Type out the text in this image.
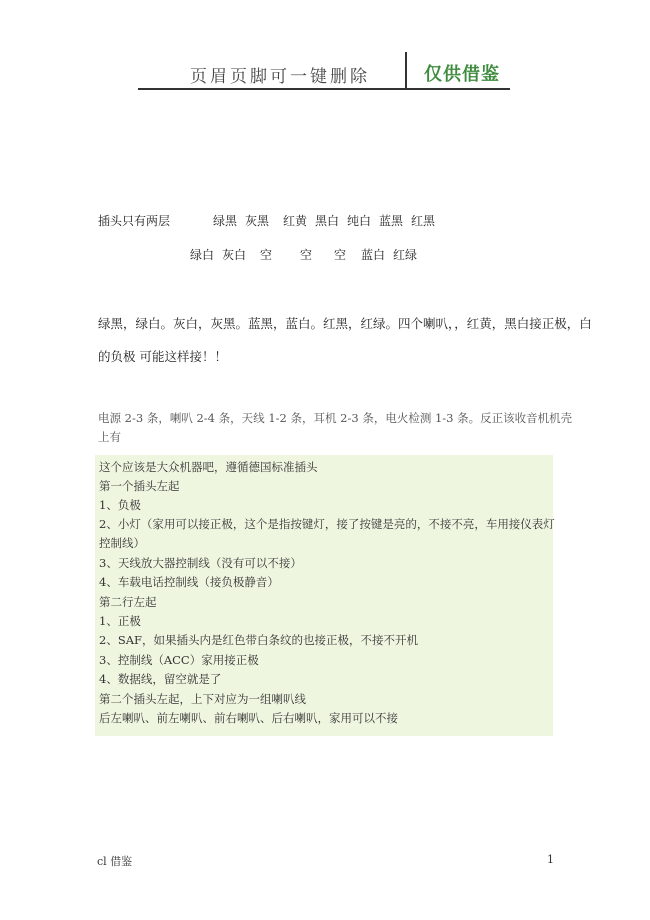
页眉页脚可一键删除	仅供借鉴
插头只有两层	绿黑 灰黑 红黄 黑白 纯白 蓝黑 红黑
绿白 灰白 空 空 空 蓝白 红绿
绿黑，绿白。灰白，灰黑。蓝黑，蓝白。红黑，红绿。四个喇叭，，红黄，黑白接正极，白
的负极 可能这样接！！
电源 2-3 条，喇叭 2-4 条，天线 1-2 条，耳机 2-3 条，电火检测 1-3 条。反正该收音机机壳
上有
这个应该是大众机器吧，遵循德国标准插头
第一个插头左起
1、负极
2、小灯（家用可以接正极，这个是指按键灯，接了按键是亮的，不接不亮，车用接仪表灯
控制线）
3、天线放大器控制线（没有可以不接）
4、车载电话控制线（接负极静音）
第二行左起
1、正极
2、SAF，如果插头内是红色带白条纹的也接正极，不接不开机
3、控制线（ACC）家用接正极
4、数据线，留空就是了
第二个插头左起，上下对应为一组喇叭线
后左喇叭、前左喇叭、前右喇叭、后右喇叭，家用可以不接
cl 借鉴	1
